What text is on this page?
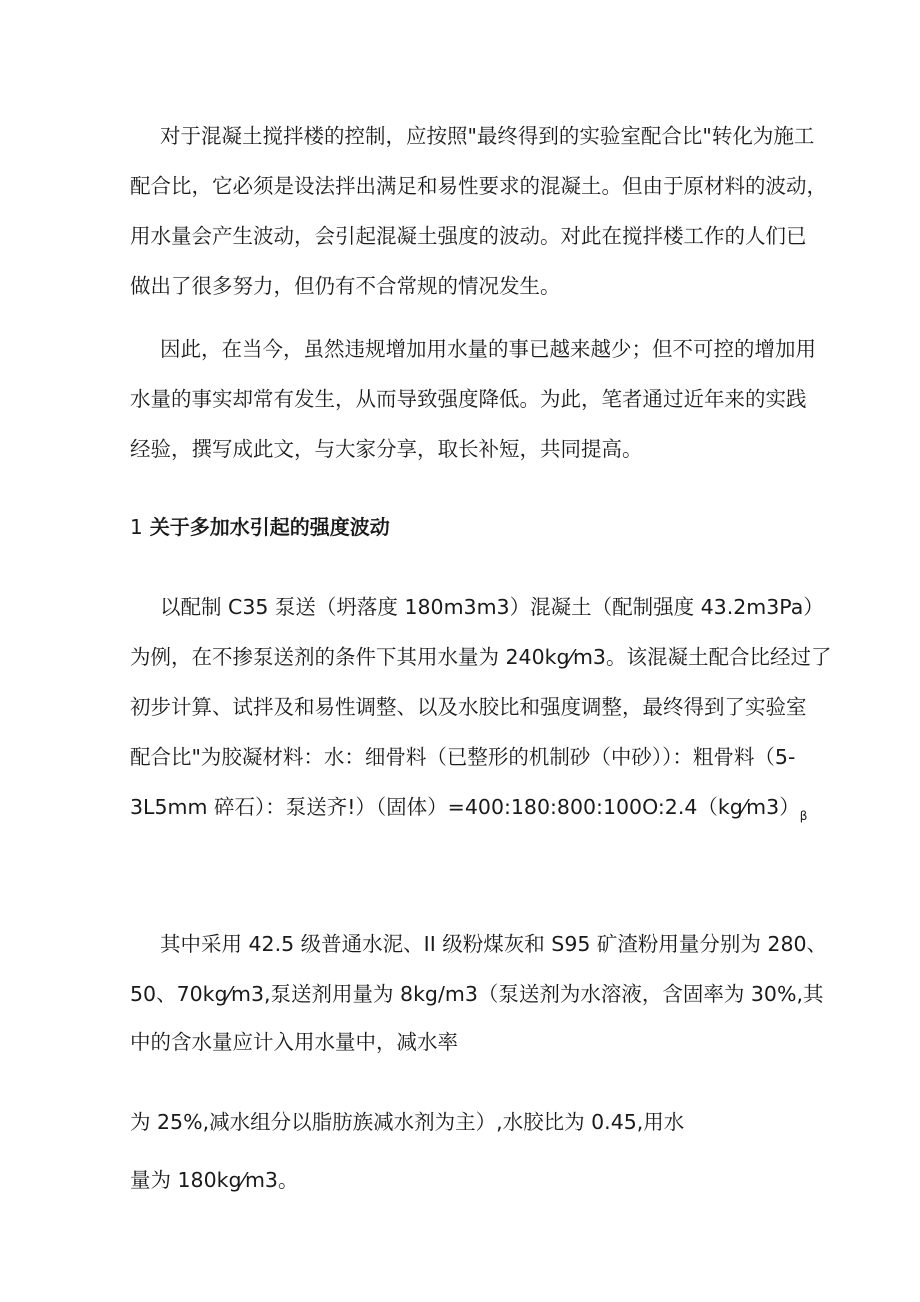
对于混凝土搅拌楼的控制，应按照"最终得到的实验室配合比"转化为施工
配合比，它必须是设法拌出满足和易性要求的混凝土。但由于原材料的波动，
用水量会产生波动，会引起混凝土强度的波动。对此在搅拌楼工作的人们已
做出了很多努力，但仍有不合常规的情况发生。
因此，在当今，虽然违规增加用水量的事已越来越少；但不可控的增加用
水量的事实却常有发生，从而导致强度降低。为此，笔者通过近年来的实践
经验，撰写成此文，与大家分享，取长补短，共同提高。
1 关于多加水引起的强度波动
以配制 C35 泵送（坍落度 180m3m3）混凝土（配制强度 43.2m3Pa）
为例，在不掺泵送剂的条件下其用水量为 240kg⁄m3。该混凝土配合比经过了
初步计算、试拌及和易性调整、以及水胶比和强度调整，最终得到了实验室
配合比"为胶凝材料：水：细骨料（已整形的机制砂（中砂））：粗骨料（5-
3L5mm 碎石）：泵送齐!）（固体）$=400:180:800:100O:2.4(kg⁄m3)_\beta$
其中采用 42.5 级普通水泥、II 级粉煤灰和 S95 矿渣粉用量分别为 280、
50、70kg⁄m3,泵送剂用量为 8kg/m3（泵送剂为水溶液，含固率为 30%,其
中的含水量应计入用水量中，减水率
为 25%,减水组分以脂肪族减水剂为主）,水胶比为 0.45,用水
量为 180kg⁄m3。
